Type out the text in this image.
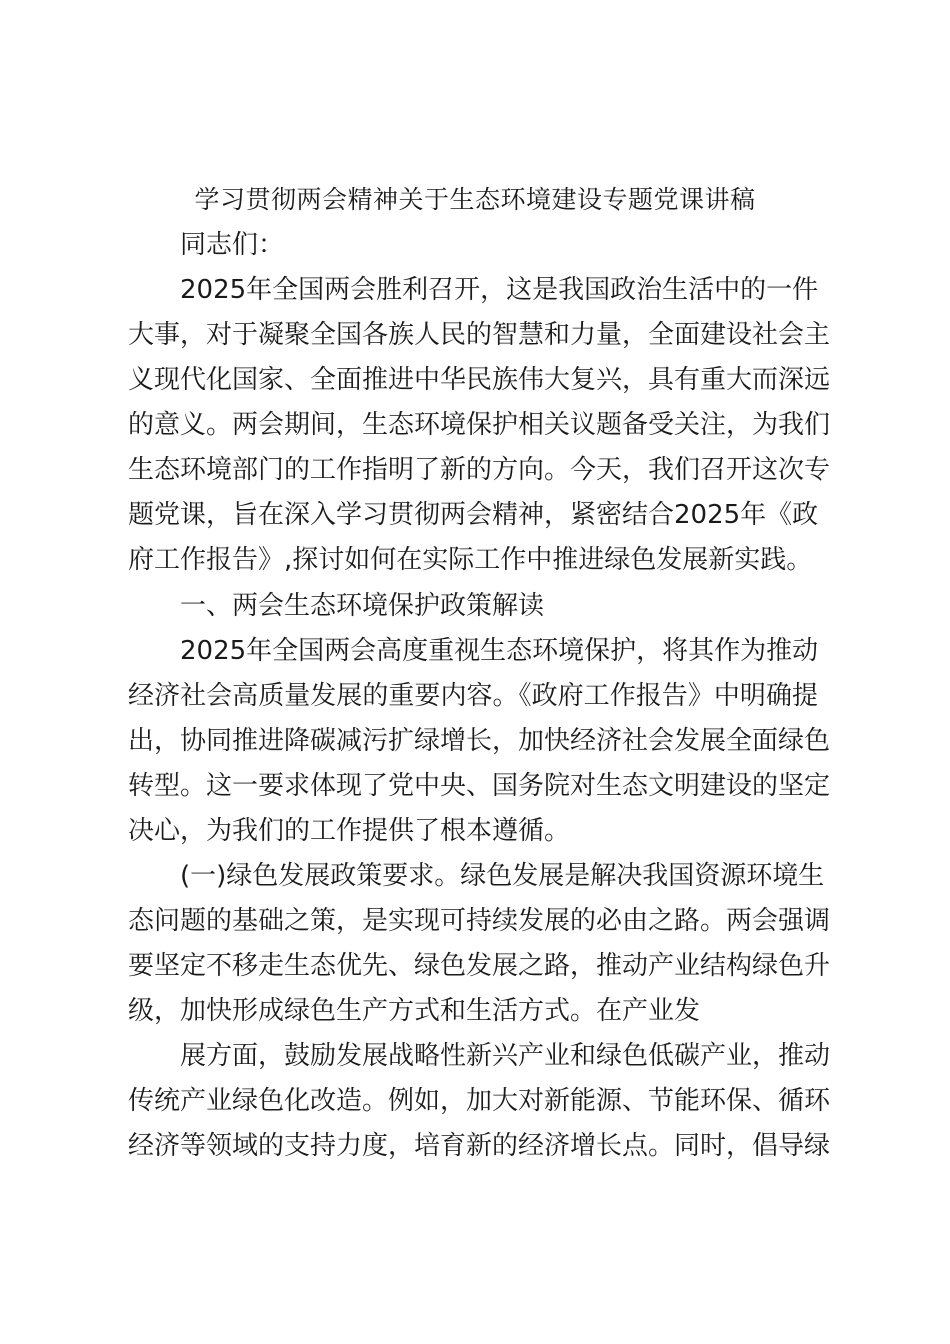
学习贯彻两会精神关于生态环境建设专题党课讲稿
同志们：
2025年全国两会胜利召开，这是我国政治生活中的一件
大事，对于凝聚全国各族人民的智慧和力量，全面建设社会主
义现代化国家、全面推进中华民族伟大复兴，具有重大而深远
的意义。两会期间，生态环境保护相关议题备受关注，为我们
生态环境部门的工作指明了新的方向。今天，我们召开这次专
题党课，旨在深入学习贯彻两会精神，紧密结合2025年《政
府工作报告》,探讨如何在实际工作中推进绿色发展新实践。
一、两会生态环境保护政策解读
2025年全国两会高度重视生态环境保护，将其作为推动
经济社会高质量发展的重要内容。《政府工作报告》中明确提
出，协同推进降碳减污扩绿增长，加快经济社会发展全面绿色
转型。这一要求体现了党中央、国务院对生态文明建设的坚定
决心，为我们的工作提供了根本遵循。
(一)绿色发展政策要求。绿色发展是解决我国资源环境生
态问题的基础之策，是实现可持续发展的必由之路。两会强调
要坚定不移走生态优先、绿色发展之路，推动产业结构绿色升
级，加快形成绿色生产方式和生活方式。在产业发
展方面，鼓励发展战略性新兴产业和绿色低碳产业，推动
传统产业绿色化改造。例如，加大对新能源、节能环保、循环
经济等领域的支持力度，培育新的经济增长点。同时，倡导绿
